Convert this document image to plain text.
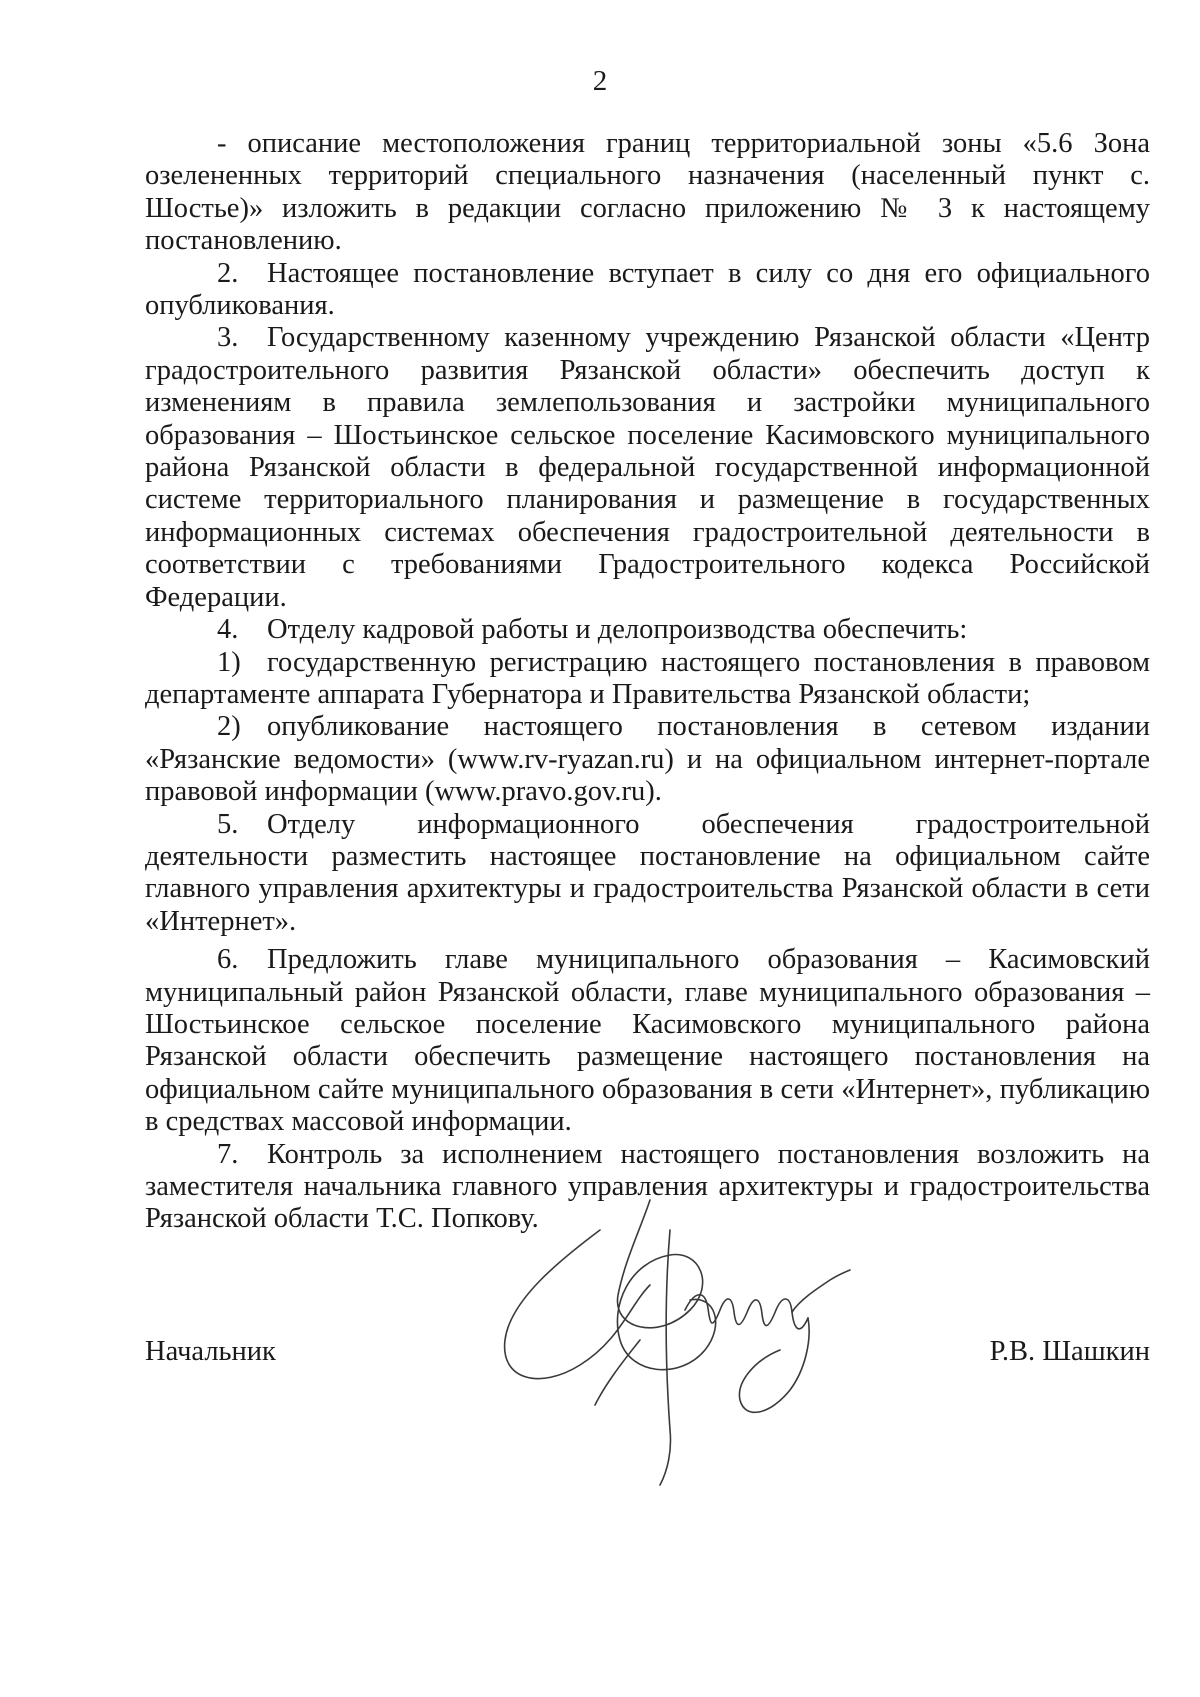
2

- описание местоположения границ территориальной зоны «5.6 Зона озелененных территорий специального назначения (населенный пункт с. Шостье)» изложить в редакции согласно приложению № 3 к настоящему постановлению.

2. Настоящее постановление вступает в силу со дня его официального опубликования.

3. Государственному казенному учреждению Рязанской области «Центр градостроительного развития Рязанской области» обеспечить доступ к изменениям в правила землепользования и застройки муниципального образования – Шостьинское сельское поселение Касимовского муниципального района Рязанской области в федеральной государственной информационной системе территориального планирования и размещение в государственных информационных системах обеспечения градостроительной деятельности в соответствии с требованиями Градостроительного кодекса Российской Федерации.

4. Отделу кадровой работы и делопроизводства обеспечить:

1) государственную регистрацию настоящего постановления в правовом департаменте аппарата Губернатора и Правительства Рязанской области;

2) опубликование настоящего постановления в сетевом издании «Рязанские ведомости» (www.rv-ryazan.ru) и на официальном интернет-портале правовой информации (www.pravo.gov.ru).

5. Отделу информационного обеспечения градостроительной деятельности разместить настоящее постановление на официальном сайте главного управления архитектуры и градостроительства Рязанской области в сети «Интернет».

6. Предложить главе муниципального образования – Касимовский муниципальный район Рязанской области, главе муниципального образования – Шостьинское сельское поселение Касимовского муниципального района Рязанской области обеспечить размещение настоящего постановления на официальном сайте муниципального образования в сети «Интернет», публикацию в средствах массовой информации.

7. Контроль за исполнением настоящего постановления возложить на заместителя начальника главного управления архитектуры и градостроительства Рязанской области Т.С. Попкову.

Начальник	Р.В. Шашкин
